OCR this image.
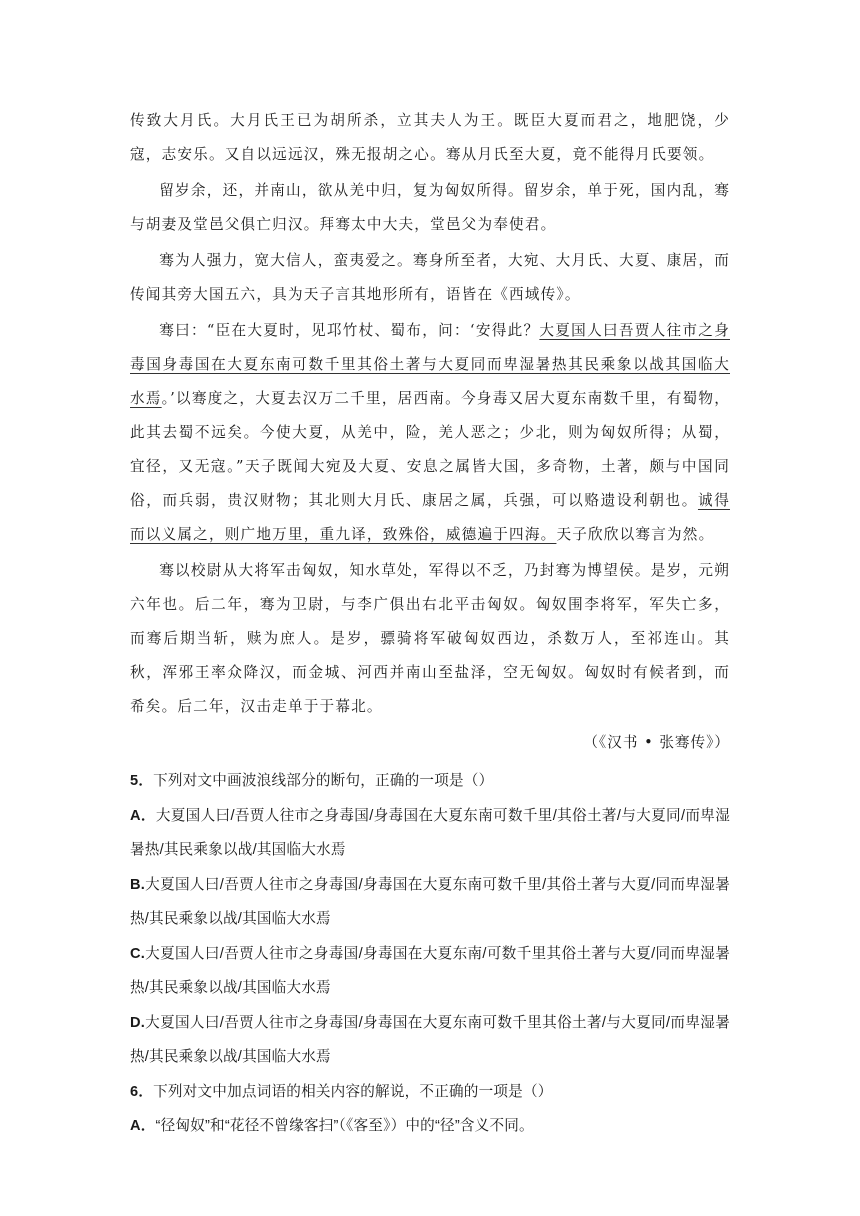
传致大月氏。大月氏王已为胡所杀，立其夫人为王。既臣大夏而君之，地肥饶，少寇，志安乐。又自以远远汉，殊无报胡之心。骞从月氏至大夏，竟不能得月氏要领。

留岁余，还，并南山，欲从羌中归，复为匈奴所得。留岁余，单于死，国内乱，骞与胡妻及堂邑父俱亡归汉。拜骞太中大夫，堂邑父为奉使君。

骞为人强力，宽大信人，蛮夷爱之。骞身所至者，大宛、大月氏、大夏、康居，而传闻其旁大国五六，具为天子言其地形所有，语皆在《西域传》。

骞曰：“臣在大夏时，见邛竹杖、蜀布，问：‘安得此？大夏国人曰吾贾人往市之身毒国身毒国在大夏东南可数千里其俗土著与大夏同而卑湿暑热其民乘象以战其国临大水焉。’以骞度之，大夏去汉万二千里，居西南。今身毒又居大夏东南数千里，有蜀物，此其去蜀不远矣。今使大夏，从羌中，险，羌人恶之；少北，则为匈奴所得；从蜀，宜径，又无寇。”天子既闻大宛及大夏、安息之属皆大国，多奇物，土著，颇与中国同俗，而兵弱，贵汉财物；其北则大月氏、康居之属，兵强，可以赂遗设利朝也。诚得而以义属之，则广地万里，重九译，致殊俗，威德遍于四海。天子欣欣以骞言为然。

骞以校尉从大将军击匈奴，知水草处，军得以不乏，乃封骞为博望侯。是岁，元朔六年也。后二年，骞为卫尉，与李广俱出右北平击匈奴。匈奴围李将军，军失亡多，而骞后期当斩，赎为庶人。是岁，骠骑将军破匈奴西边，杀数万人，至祁连山。其秋，浑邪王率众降汉，而金城、河西并南山至盐泽，空无匈奴。匈奴时有候者到，而希矣。后二年，汉击走单于于幕北。

（《汉书 • 张骞传》）

5．下列对文中画波浪线部分的断句，正确的一项是（）

A．大夏国人曰/吾贾人往市之身毒国/身毒国在大夏东南可数千里/其俗土著/与大夏同/而卑湿暑热/其民乘象以战/其国临大水焉

B.大夏国人曰/吾贾人往市之身毒国/身毒国在大夏东南可数千里/其俗土著与大夏/同而卑湿暑热/其民乘象以战/其国临大水焉

C.大夏国人曰/吾贾人往市之身毒国/身毒国在大夏东南/可数千里其俗土著与大夏/同而卑湿暑热/其民乘象以战/其国临大水焉

D.大夏国人曰/吾贾人往市之身毒国/身毒国在大夏东南可数千里其俗土著/与大夏同/而卑湿暑热/其民乘象以战/其国临大水焉

6．下列对文中加点词语的相关内容的解说，不正确的一项是（）

A．“径匈奴”和“花径不曾缘客扫”（《客至》）中的“径”含义不同。
